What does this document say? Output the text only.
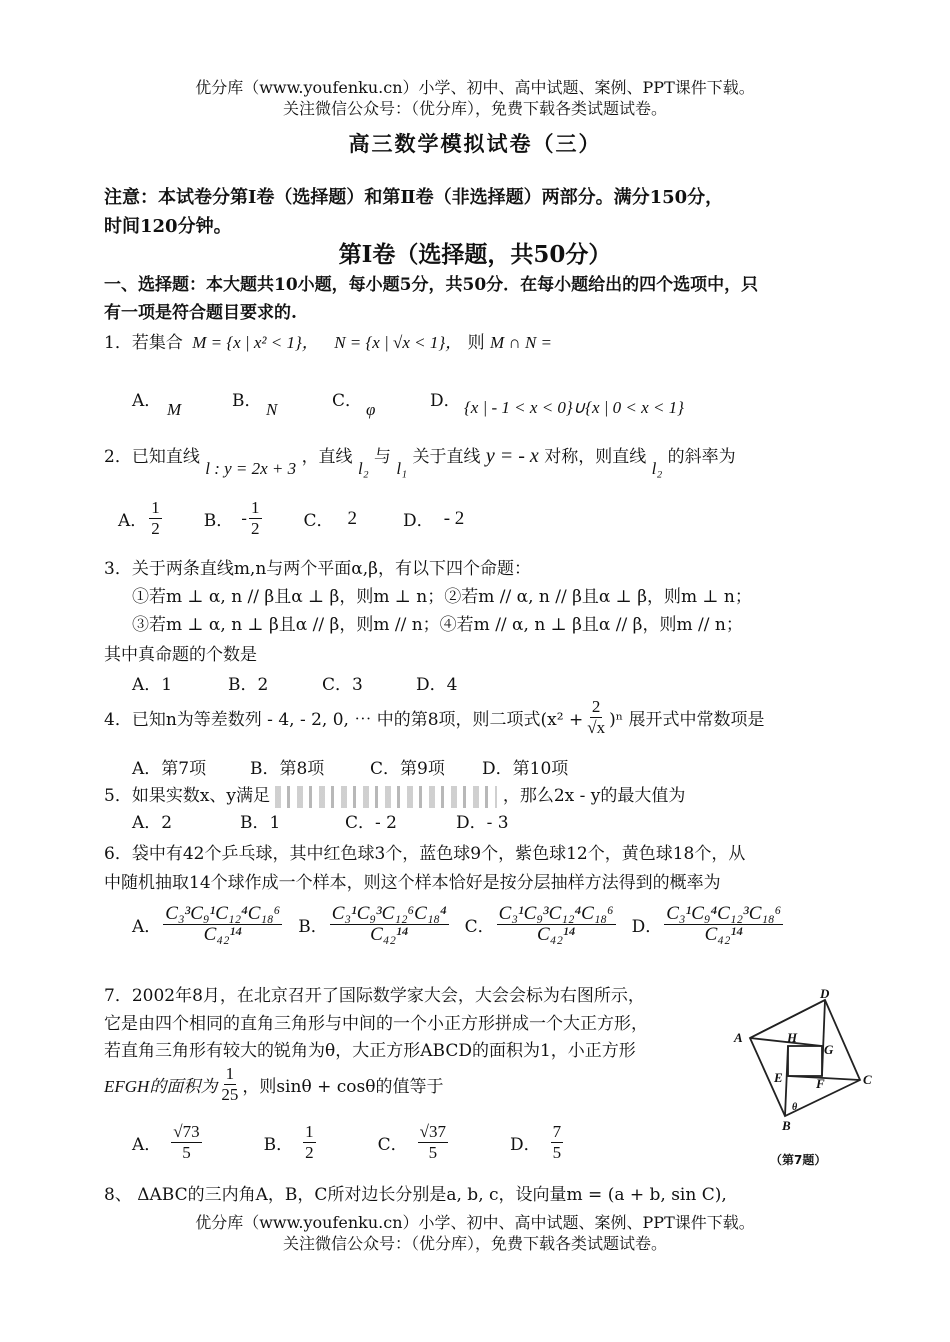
优分库（www.youfenku.cn）小学、初中、高中试题、案例、PPT课件下载。
关注微信公众号：（优分库），免费下载各类试题试卷。
高三数学模拟试卷（三）
注意：本试卷分第Ⅰ卷（选择题）和第Ⅱ卷（非选择题）两部分。满分150分，
时间120分钟。
第Ⅰ卷（选择题，共50分）
一、选择题：本大题共10小题，每小题5分，共50分．在每小题给出的四个选项中，只
有一项是符合题目要求的.
1．若集合 M = {x | x² < 1}， N = {x | √x < 1}， 则 M ∩ N =
A． M	B． N	C． φ	D． {x | - 1 < x < 0}∪{x | 0 < x < 1}
2．已知直线 l : y = 2x + 3 ，直线 l₂ 与 l₁ 关于直线 y = - x 对称，则直线 l₂ 的斜率为
A． $\frac{1}{2}$ B． - $\frac{1}{2}$ C． 2	D． - 2
3．关于两条直线m,n与两个平面α,β，有以下四个命题：
①若m ⊥ α, n // β且α ⊥ β，则m ⊥ n；②若m // α, n // β且α ⊥ β，则m ⊥ n；
③若m ⊥ α, n ⊥ β且α // β，则m // n；④若m // α, n ⊥ β且α // β，则m // n；
其中真命题的个数是
A．1	B．2	C．3	D．4
4．已知n为等差数列 - 4, - 2, 0, ⋯ 中的第8项，则二项式$(x^2 + \frac{2}{√x} )^n$ 展开式中常数项是
A．第7项	B．第8项	C．第9项 D．第10项
5．如果实数x、y满足	，那么2x - y的最大值为
A．2	B．1	C．- 2	D．- 3
6．袋中有42个乒乓球，其中红色球3个，蓝色球9个，紫色球12个，黄色球18个，从
中随机抽取14个球作成一个样本，则这个样本恰好是按分层抽样方法得到的概率为
A． $\frac{\text{C₃³C₉¹C₁₂⁴C₁₈⁶}}{\text{C₄₂¹⁴}}$ B． $\frac{\text{C₃¹C₉³C₁₂⁶C₁₈⁴}}{\text{C₄₂¹⁴}}$ C． $\frac{\text{C₃¹C₉³C₁₂⁴C₁₈⁶}}{\text{C₄₂¹⁴}}$ D． $\frac{\text{C₃¹C₉⁴C₁₂³C₁₈⁶}}{\text{C₄₂¹⁴}}$
7．2002年8月，在北京召开了国际数学家大会，大会会标为右图所示，
它是由四个相同的直角三角形与中间的一个小正方形拼成一个大正方形，
若直角三角形有较大的锐角为θ，大正方形ABCD的面积为1，小正方形
EFGH的面积为 $\frac{1}{25}$ ，则sinθ + cosθ的值等于
A． $\frac{√73}{5}$	B． $\frac{1}{2}$	C． $\frac{√37}{5}$	D． $\frac{7}{5}$
D
A
C
B
H
G
E	F
θ
（第7题）
8、 ΔABC的三内角A，B，C所对边长分别是a, b, c，设向量m = (a + b, sin C),
优分库（www.youfenku.cn）小学、初中、高中试题、案例、PPT课件下载。
关注微信公众号：（优分库），免费下载各类试题试卷。
